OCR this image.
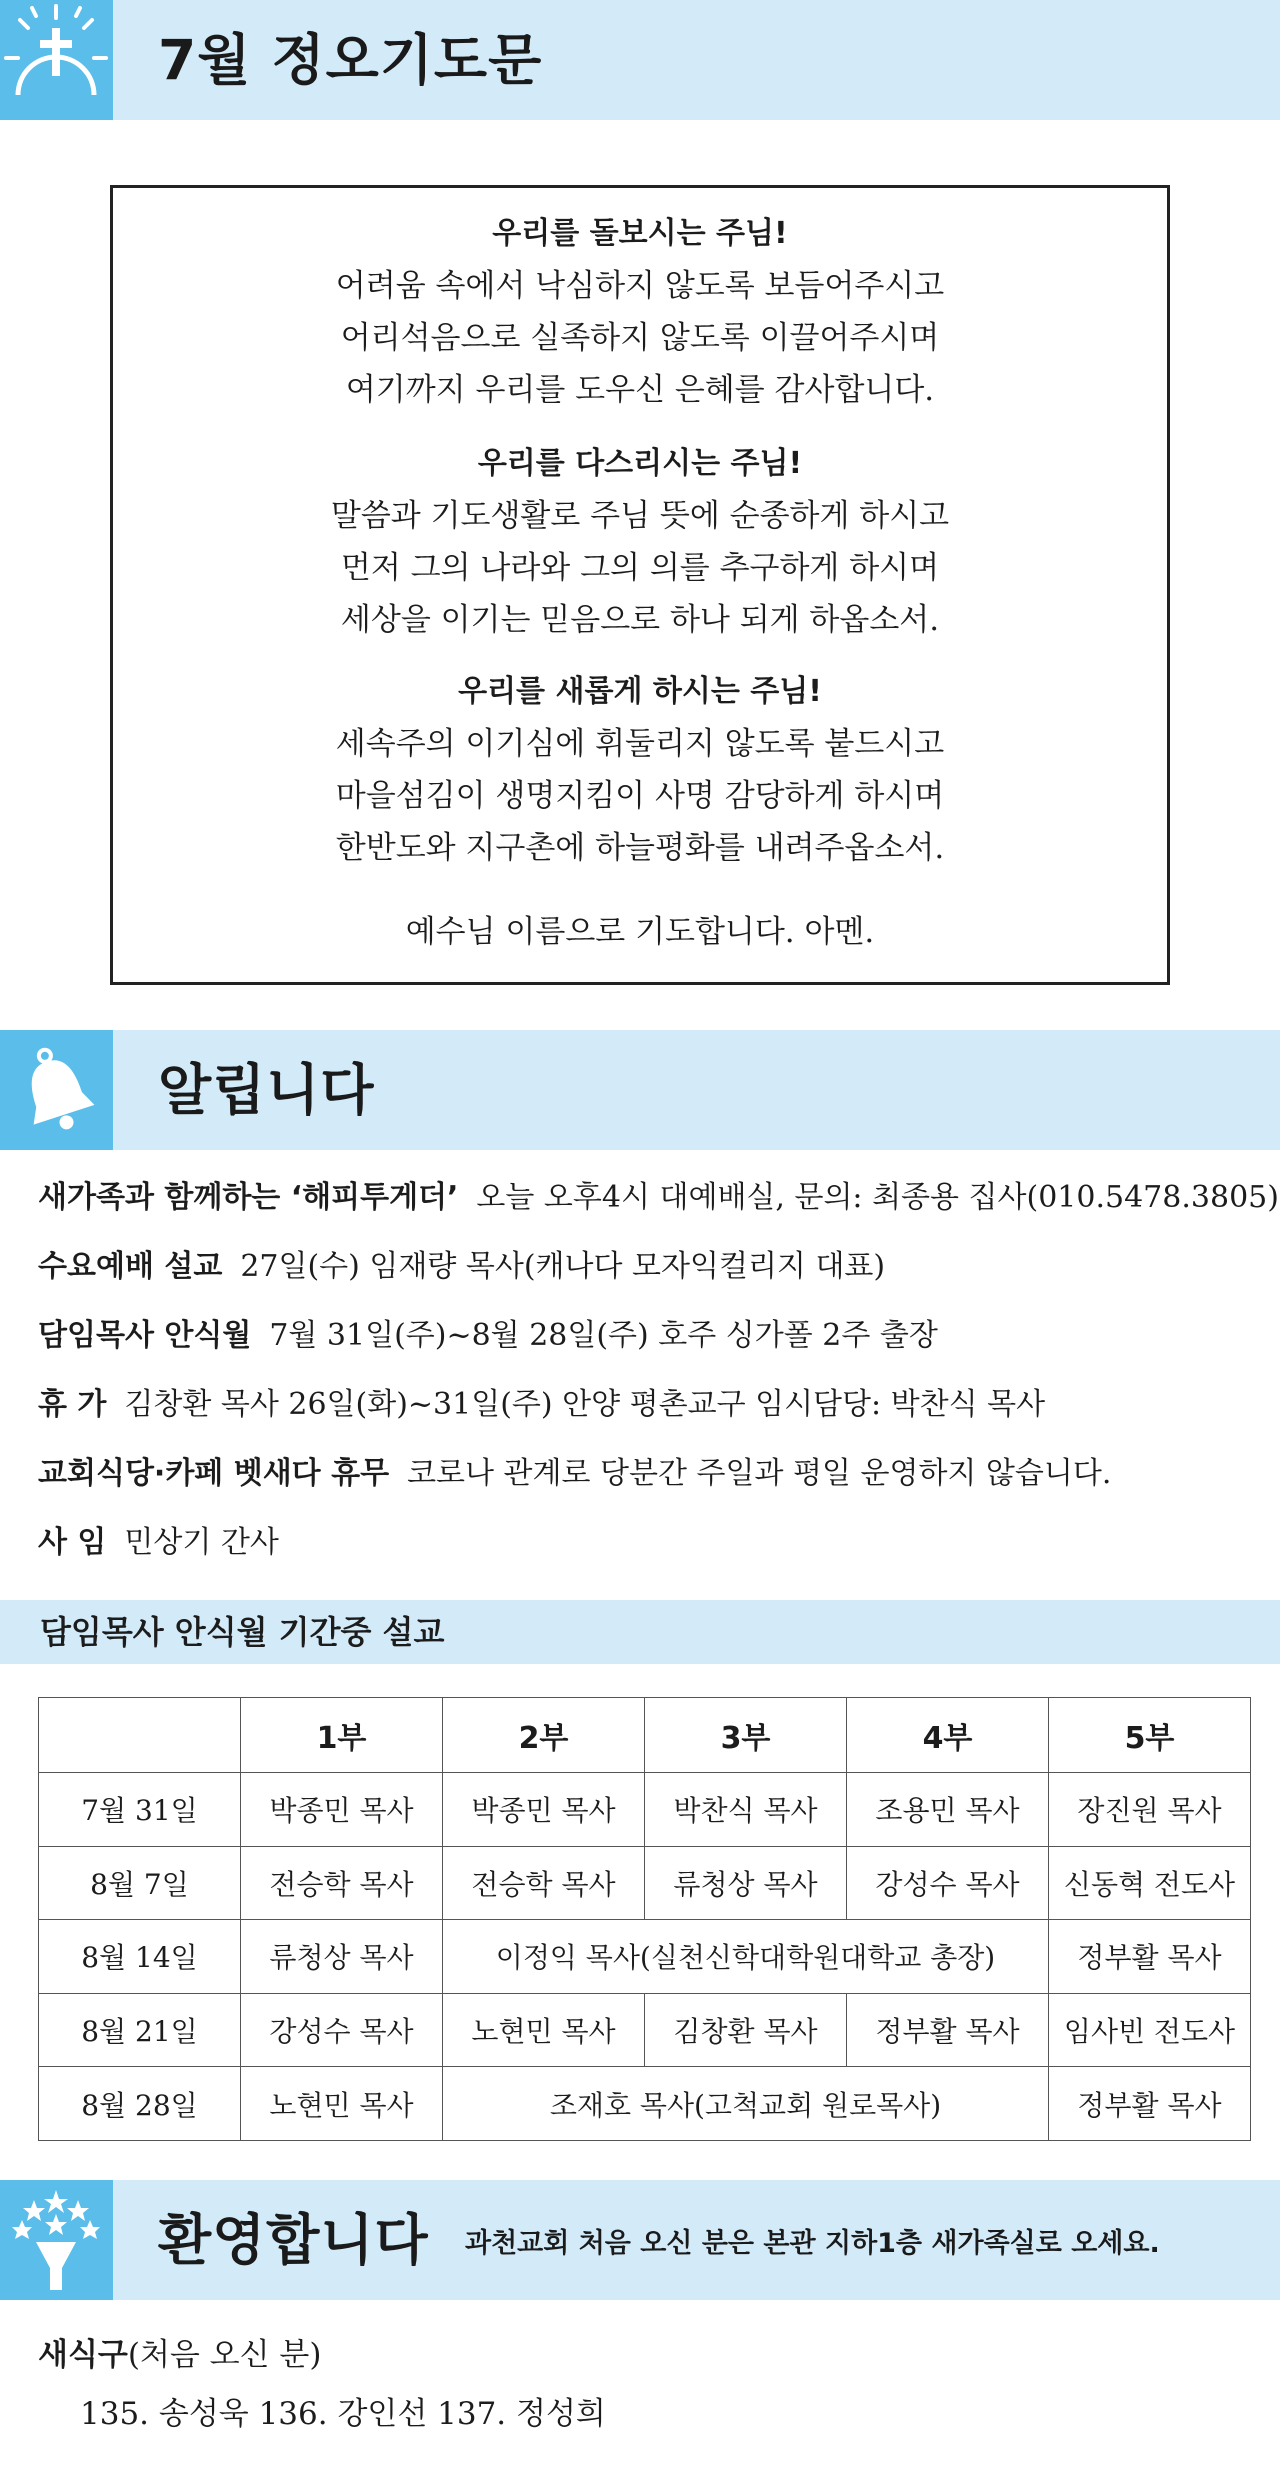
7월 정오기도문
우리를 돌보시는 주님!
어려움 속에서 낙심하지 않도록 보듬어주시고
어리석음으로 실족하지 않도록 이끌어주시며
여기까지 우리를 도우신 은혜를 감사합니다.
우리를 다스리시는 주님!
말씀과 기도생활로 주님 뜻에 순종하게 하시고
먼저 그의 나라와 그의 의를 추구하게 하시며
세상을 이기는 믿음으로 하나 되게 하옵소서.
우리를 새롭게 하시는 주님!
세속주의 이기심에 휘둘리지 않도록 붙드시고
마을섬김이 생명지킴이 사명 감당하게 하시며
한반도와 지구촌에 하늘평화를 내려주옵소서.
예수님 이름으로 기도합니다. 아멘.
알립니다
새가족과 함께하는 ‘해피투게더’ 오늘 오후4시 대예배실, 문의: 최종용 집사(010.5478.3805)
수요예배 설교 27일(수) 임재량 목사(캐나다 모자익컬리지 대표)
담임목사 안식월 7월 31일(주)~8월 28일(주) 호주 싱가폴 2주 출장
휴 가 김창환 목사 26일(화)~31일(주) 안양 평촌교구 임시담당: 박찬식 목사
교회식당·카페 벳새다 휴무 코로나 관계로 당분간 주일과 평일 운영하지 않습니다.
사 임 민상기 간사
담임목사 안식월 기간중 설교
	1부	2부	3부	4부	5부
7월 31일	박종민 목사	박종민 목사	박찬식 목사	조용민 목사	장진원 목사
8월 7일	전승학 목사	전승학 목사	류청상 목사	강성수 목사	신동혁 전도사
8월 14일	류청상 목사	이정익 목사(실천신학대학원대학교 총장)			정부활 목사
8월 21일	강성수 목사	노현민 목사	김창환 목사	정부활 목사	임사빈 전도사
8월 28일	노현민 목사	조재호 목사(고척교회 원로목사)			정부활 목사
환영합니다 과천교회 처음 오신 분은 본관 지하1층 새가족실로 오세요.
새식구(처음 오신 분)
135. 송성욱 136. 강인선 137. 정성희
